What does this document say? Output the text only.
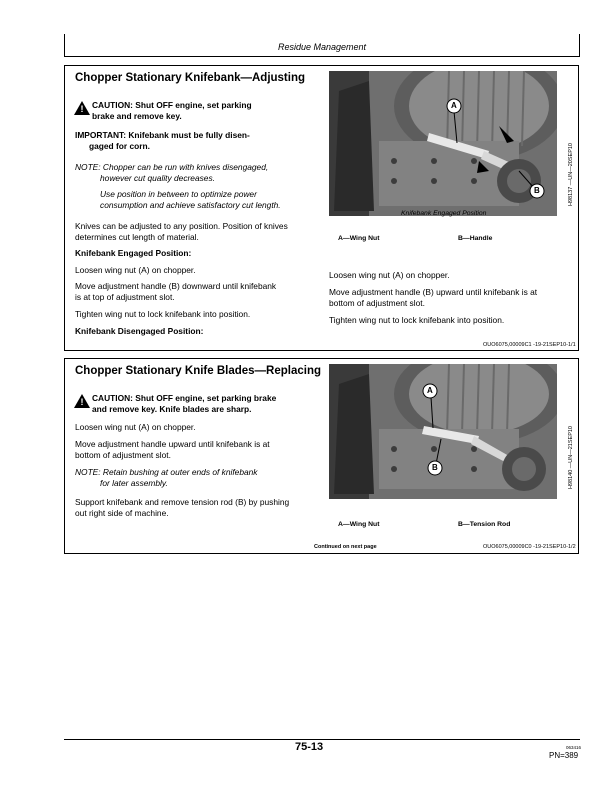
Residue Management
Chopper Stationary Knifebank—Adjusting
! CAUTION: Shut OFF engine, set parking
brake and remove key.
IMPORTANT: Knifebank must be fully disen-
gaged for corn.
NOTE: Chopper can be run with knives disengaged,
however cut quality decreases.
Use position in between to optimize power
consumption and achieve satisfactory cut length.
Knives can be adjusted to any position. Position of knives
determines cut length of material.
Knifebank Engaged Position:
Loosen wing nut (A) on chopper.
Move adjustment handle (B) downward until knifebank
is at top of adjustment slot.
Tighten wing nut to lock knifebank into position.
Knifebank Disengaged Position:
A
B	H98137 —UN—20SEP10
Knifebank Engaged Position
A—Wing Nut	B—Handle
Loosen wing nut (A) on chopper.
Move adjustment handle (B) upward until knifebank is at
bottom of adjustment slot.
Tighten wing nut to lock knifebank into position.
OUO6075,00009C1 -19-21SEP10-1/1
Chopper Stationary Knife Blades—Replacing
! CAUTION: Shut OFF engine, set parking brake
and remove key. Knife blades are sharp.
Loosen wing nut (A) on chopper.
Move adjustment handle upward until knifebank is at
bottom of adjustment slot.
NOTE: Retain bushing at outer ends of knifebank
for later assembly.
Support knifebank and remove tension rod (B) by pushing
out right side of machine.
A
B	H98140 —UN—21SEP10
A—Wing Nut	B—Tension Rod
Continued on next page	OUO6075,00009C0 -19-21SEP10-1/2
75-13	063416
PN=389
